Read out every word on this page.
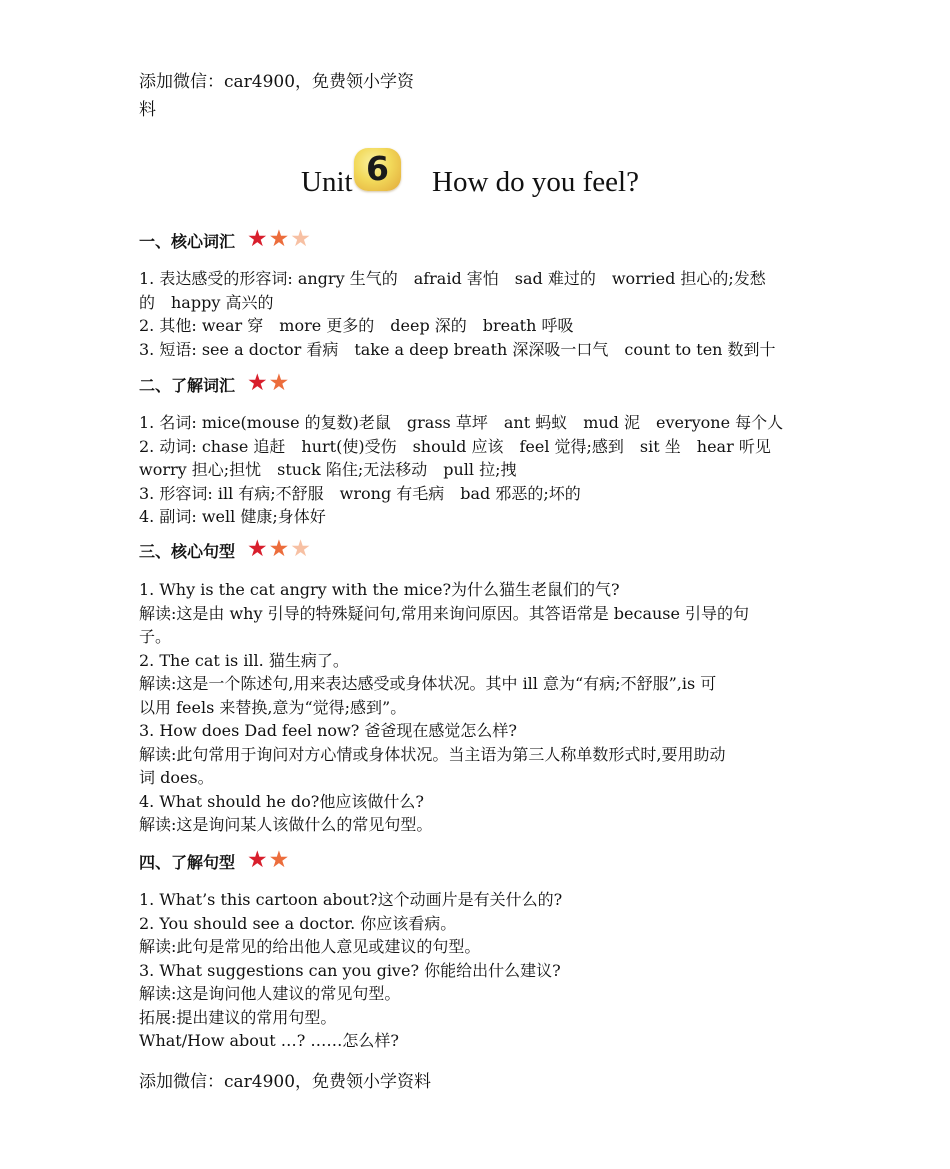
添加微信：car4900，免费领小学资
料
Unit 6	How do you feel?
一、核心词汇 ★ ★ ★
1. 表达感受的形容词: angry 生气的　afraid 害怕　sad 难过的　worried 担心的;发愁
的　happy 高兴的
2. 其他: wear 穿　more 更多的　deep 深的　breath 呼吸
3. 短语: see a doctor 看病　take a deep breath 深深吸一口气　count to ten 数到十
二、了解词汇 ★ ★
1. 名词: mice(mouse 的复数)老鼠　grass 草坪　ant 蚂蚁　mud 泥　everyone 每个人
2. 动词: chase 追赶　hurt(使)受伤　should 应该　feel 觉得;感到　sit 坐　hear 听见
worry 担心;担忧　stuck 陷住;无法移动　pull 拉;拽
3. 形容词: ill 有病;不舒服　wrong 有毛病　bad 邪恶的;坏的
4. 副词: well 健康;身体好
三、核心句型 ★ ★ ★
1. Why is the cat angry with the mice?为什么猫生老鼠们的气?
解读:这是由 why 引导的特殊疑问句,常用来询问原因。其答语常是 because 引导的句
子。
2. The cat is ill. 猫生病了。
解读:这是一个陈述句,用来表达感受或身体状况。其中 ill 意为“有病;不舒服”,is 可
以用 feels 来替换,意为“觉得;感到”。
3. How does Dad feel now? 爸爸现在感觉怎么样?
解读:此句常用于询问对方心情或身体状况。当主语为第三人称单数形式时,要用助动
词 does。
4. What should he do?他应该做什么?
解读:这是询问某人该做什么的常见句型。
四、了解句型 ★ ★
1. What’s this cartoon about?这个动画片是有关什么的?
2. You should see a doctor. 你应该看病。
解读:此句是常见的给出他人意见或建议的句型。
3. What suggestions can you give? 你能给出什么建议?
解读:这是询问他人建议的常见句型。
拓展:提出建议的常用句型。
What/How about …? ……怎么样?
添加微信：car4900，免费领小学资料
